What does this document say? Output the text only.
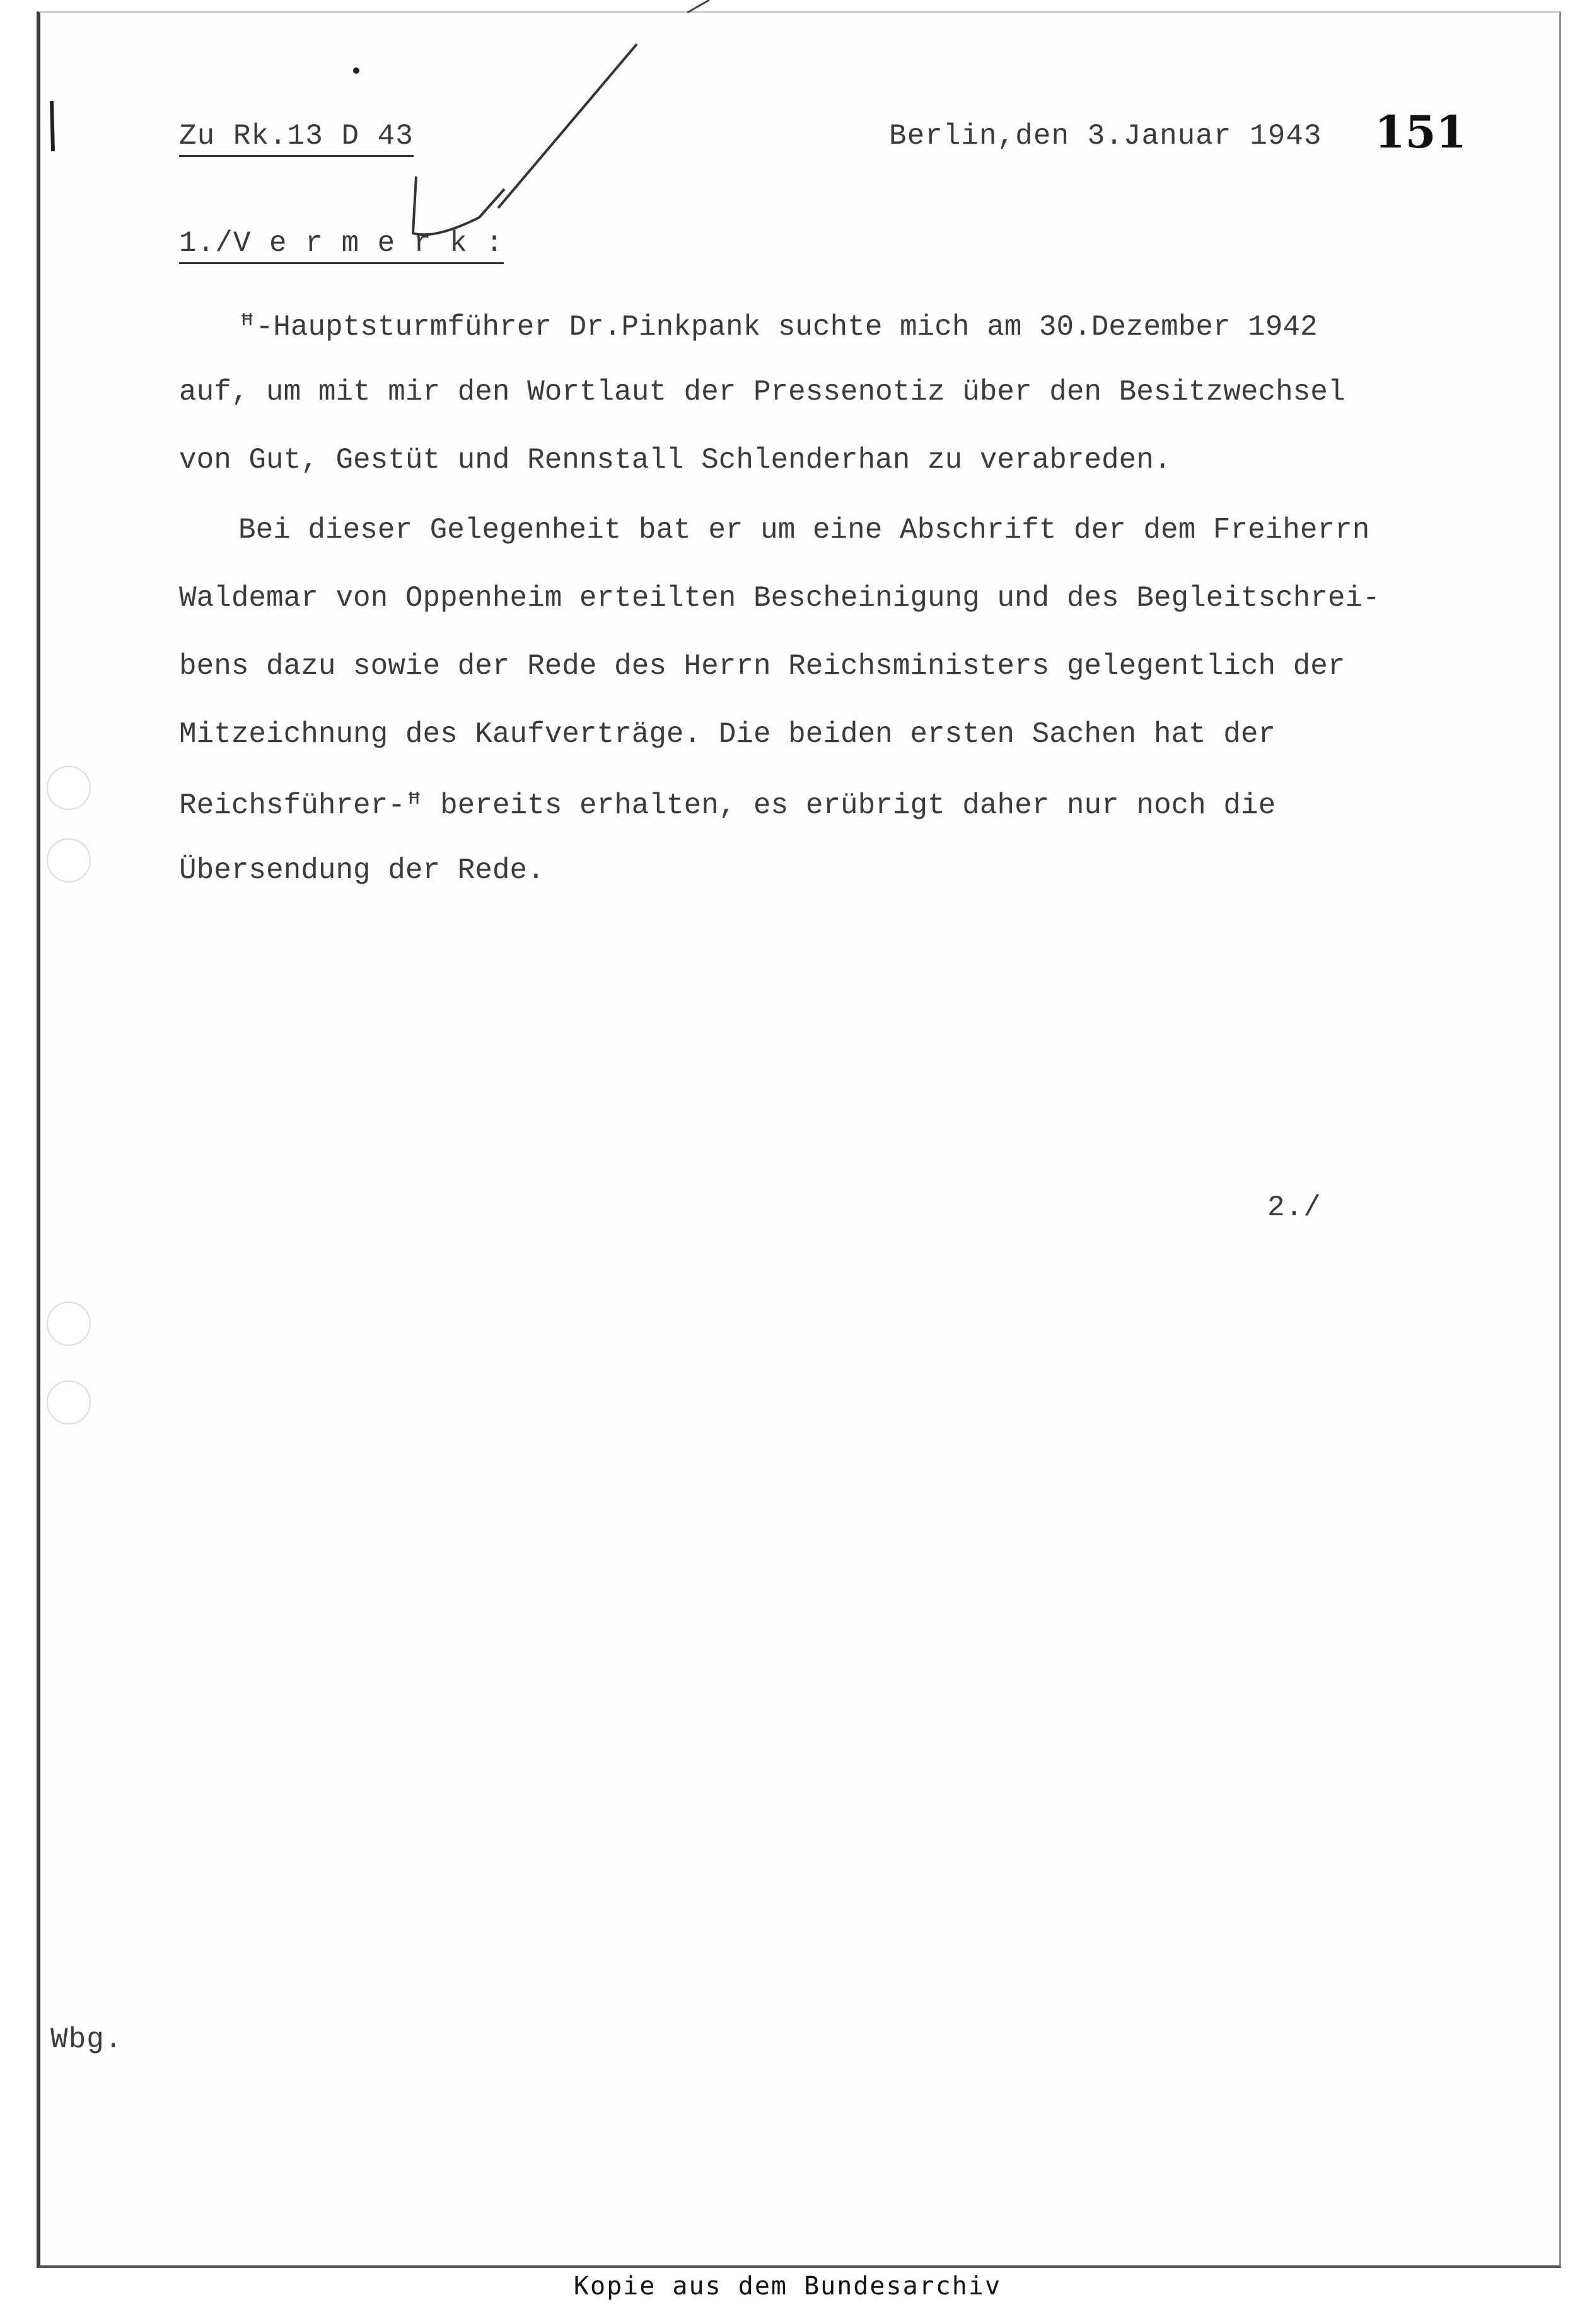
Zu Rk.13 D 43	Berlin,den 3.Januar 1943 151
1./V e r m e r k :
ꟸ-Hauptsturmführer Dr.Pinkpank suchte mich am 30.Dezember 1942
auf, um mit mir den Wortlaut der Pressenotiz über den Besitzwechsel
von Gut, Gestüt und Rennstall Schlenderhan zu verabreden.
Bei dieser Gelegenheit bat er um eine Abschrift der dem Freiherrn
Waldemar von Oppenheim erteilten Bescheinigung und des Begleitschrei-
bens dazu sowie der Rede des Herrn Reichsministers gelegentlich der
Mitzeichnung des Kaufverträge. Die beiden ersten Sachen hat der
Reichsführer-ꟸ bereits erhalten, es erübrigt daher nur noch die
Übersendung der Rede.
2./
Wbg.
Kopie aus dem Bundesarchiv
